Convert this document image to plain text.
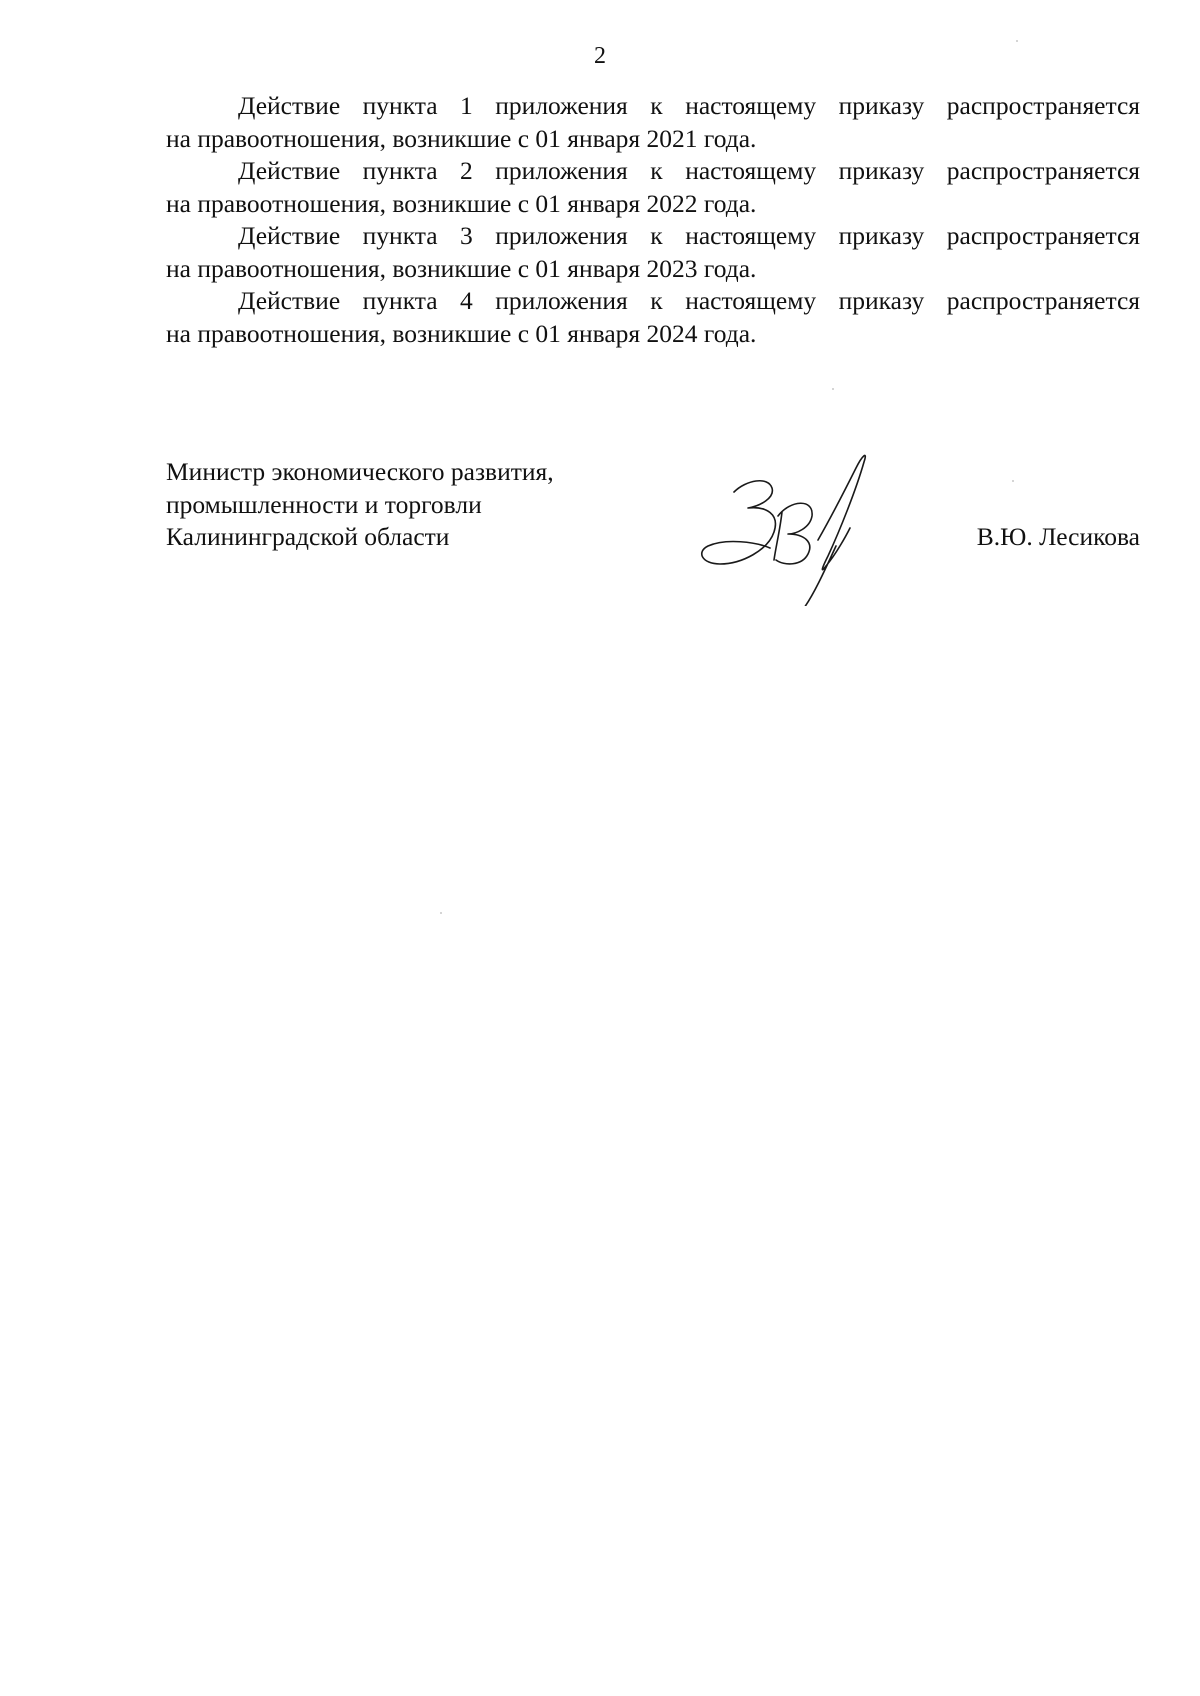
2

Действие пункта 1 приложения к настоящему приказу распространяется
на правоотношения, возникшие с 01 января 2021 года.

Действие пункта 2 приложения к настоящему приказу распространяется
на правоотношения, возникшие с 01 января 2022 года.

Действие пункта 3 приложения к настоящему приказу распространяется
на правоотношения, возникшие с 01 января 2023 года.

Действие пункта 4 приложения к настоящему приказу распространяется
на правоотношения, возникшие с 01 января 2024 года.

Министр экономического развития,
промышленности и торговли
Калининградской области	В.Ю. Лесикова
